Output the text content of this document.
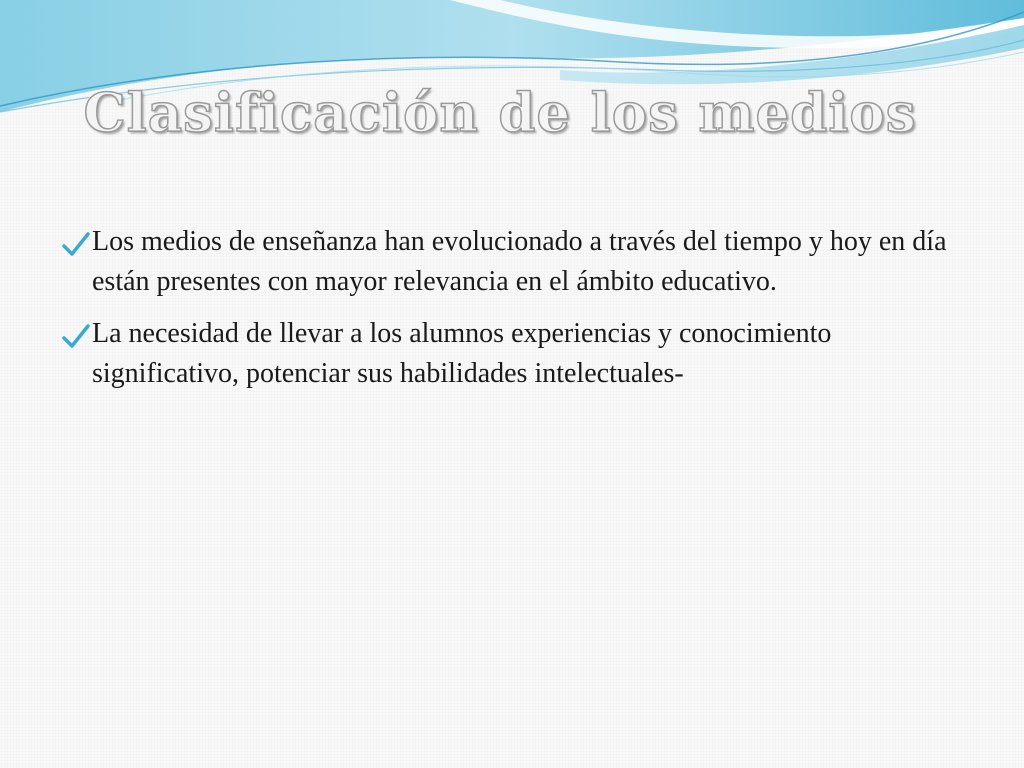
Clasificación de los medios
Los medios de enseñanza han evolucionado a través del tiempo y hoy en día están presentes con mayor relevancia en el ámbito educativo.
La necesidad de llevar a los alumnos experiencias y conocimiento significativo, potenciar sus habilidades intelectuales-
